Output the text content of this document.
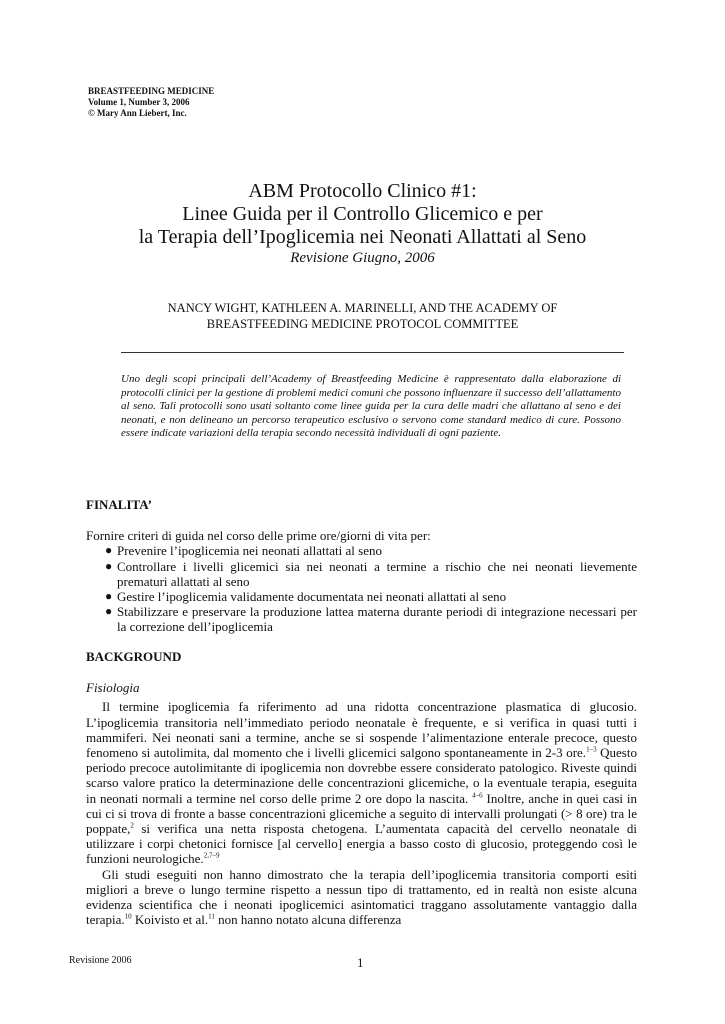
BREASTFEEDING MEDICINE
Volume 1, Number 3, 2006
© Mary Ann Liebert, Inc.
ABM Protocollo Clinico #1:
Linee Guida per il Controllo Glicemico e per
la Terapia dell’Ipoglicemia nei Neonati Allattati al Seno
Revisione Giugno, 2006
NANCY WIGHT, KATHLEEN A. MARINELLI, AND THE ACADEMY OF
BREASTFEEDING MEDICINE PROTOCOL COMMITTEE
Uno degli scopi principali dell’Academy of Breastfeeding Medicine è rappresentato dalla elaborazione di protocolli clinici per la gestione di problemi medici comuni che possono influenzare il successo dell’allattamento al seno. Tali protocolli sono usati soltanto come linee guida per la cura delle madri che allattano al seno e dei neonati, e non delineano un percorso terapeutico esclusivo o servono come standard medico di cure. Possono essere indicate variazioni della terapia secondo necessità individuali di ogni paziente.
FINALITA’
Fornire criteri di guida nel corso delle prime ore/giorni di vita per:
● Prevenire l’ipoglicemia nei neonati allattati al seno
● Controllare i livelli glicemici sia nei neonati a termine a rischio che nei neonati lievemente prematuri allattati al seno
● Gestire l’ipoglicemia validamente documentata nei neonati allattati al seno
● Stabilizzare e preservare la produzione lattea materna durante periodi di integrazione necessari per la correzione dell’ipoglicemia
BACKGROUND
Fisiologia

Il termine ipoglicemia fa riferimento ad una ridotta concentrazione plasmatica di glucosio. L’ipoglicemia transitoria nell’immediato periodo neonatale è frequente, e si verifica in quasi tutti i mammiferi. Nei neonati sani a termine, anche se si sospende l’alimentazione enterale precoce, questo fenomeno si autolimita, dal momento che i livelli glicemici salgono spontaneamente in 2-3 ore.$^{1-3}$ Questo periodo precoce autolimitante di ipoglicemia non dovrebbe essere considerato patologico. Riveste quindi scarso valore pratico la determinazione delle concentrazioni glicemiche, o la eventuale terapia, eseguita in neonati normali a termine nel corso delle prime 2 ore dopo la nascita. $^{4-6}$ Inoltre, anche in quei casi in cui ci si trova di fronte a basse concentrazioni glicemiche a seguito di intervalli prolungati (> 8 ore) tra le poppate,$^2$ si verifica una netta risposta chetogena. L’aumentata capacità del cervello neonatale di utilizzare i corpi chetonici fornisce [al cervello] energia a basso costo di glucosio, proteggendo così le funzioni neurologiche.$^{2,7-9}$

Gli studi eseguiti non hanno dimostrato che la terapia dell’ipoglicemia transitoria comporti esiti migliori a breve o lungo termine rispetto a nessun tipo di trattamento, ed in realtà non esiste alcuna evidenza scientifica che i neonati ipoglicemici asintomatici traggano assolutamente vantaggio dalla terapia.$^{10}$ Koivisto et al.$^{11}$ non hanno notato alcuna differenza

Revisione 2006	1
